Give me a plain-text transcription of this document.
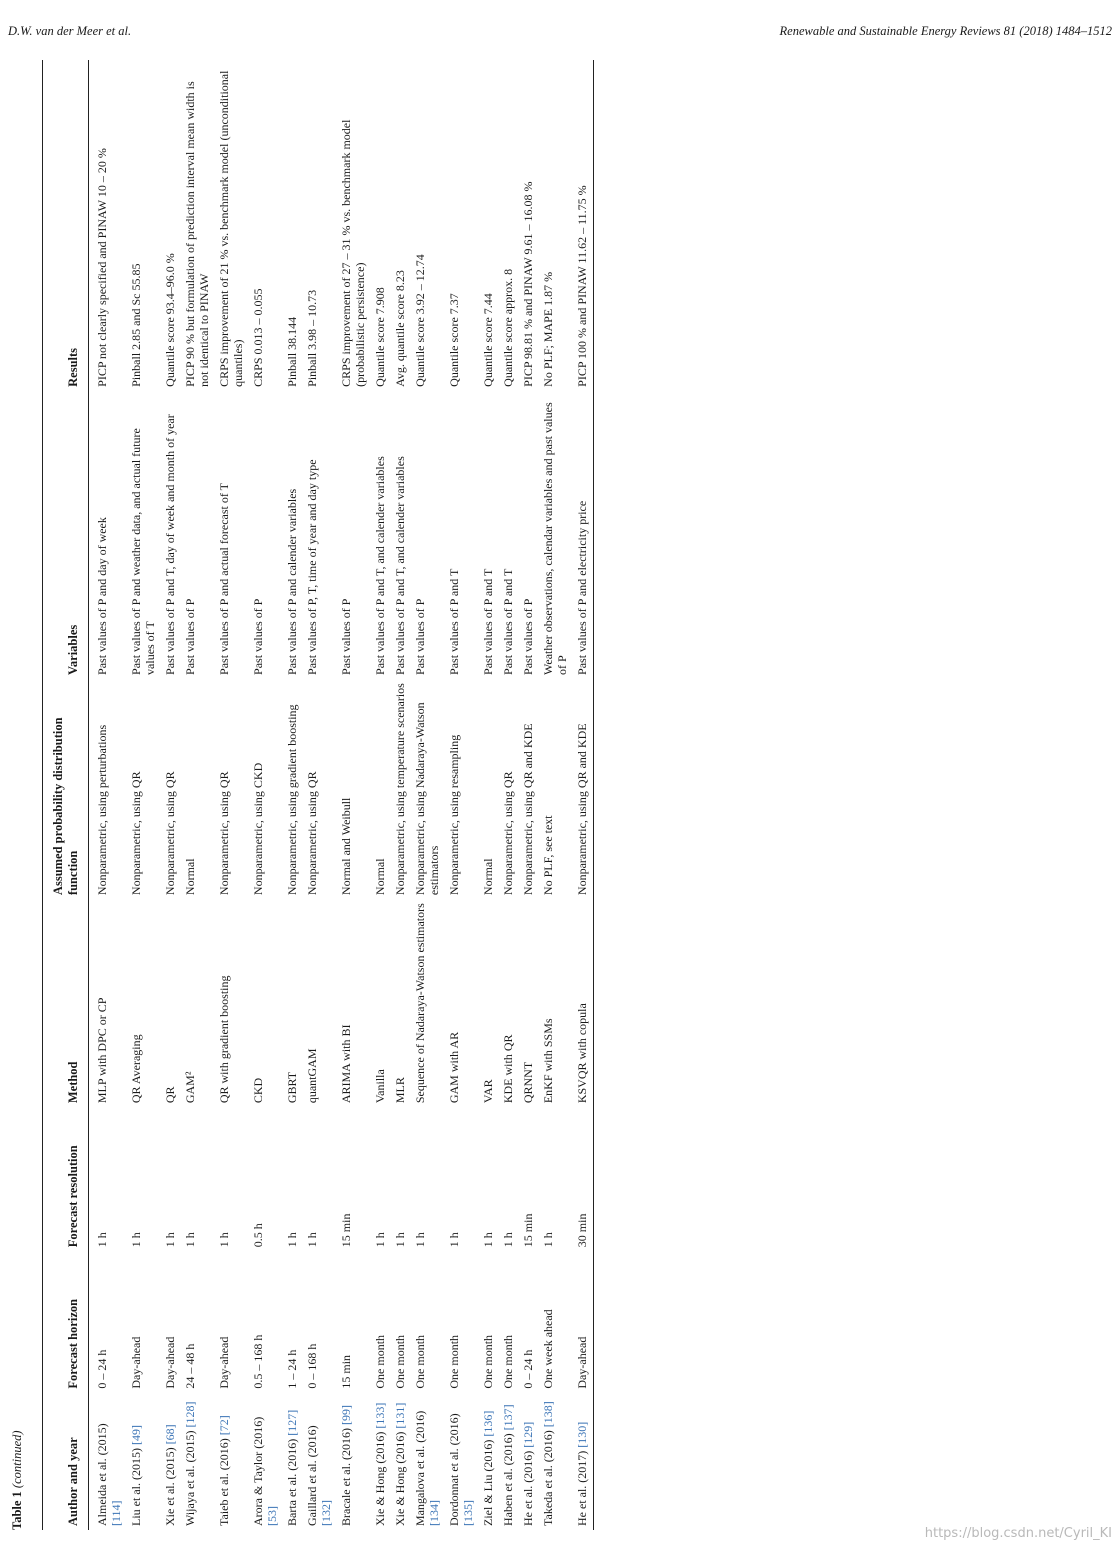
D.W. van der Meer et al.	Renewable and Sustainable Energy Reviews 81 (2018) 1484–1512
Table 1 (continued)	Author and year	Forecast horizon	Forecast resolution	Method	Assumed probability distribution function	Variables	Results
Almeida et al. (2015) [114]	0 – 24 h	1 h	MLP with DPC or CP	Nonparametric, using perturbations	Past values of P and day of week	PICP not clearly specified and PINAW 10 – 20 %
Liu et al. (2015) [49]	Day-ahead	1 h	QR Averaging	Nonparametric, using QR	Past values of P and weather data, and actual future values of T	Pinball 2.85 and Sc 55.85
Xie et al. (2015) [68]	Day-ahead	1 h	QR	Nonparametric, using QR	Past values of P and T, day of week and month of year	Quantile score 93.4–96.0 %
Wijaya et al. (2015) [128]	24 – 48 h	1 h	GAM²	Normal	Past values of P	PICP 90 % but formulation of prediction interval mean width is not identical to PINAW
Taieb et al. (2016) [72]	Day-ahead	1 h	QR with gradient boosting	Nonparametric, using QR	Past values of P and actual forecast of T	CRPS improvement of 21 % vs. benchmark model (unconditional quantiles)
Arora & Taylor (2016) [53]	0.5 – 168 h	0.5 h	CKD	Nonparametric, using CKD	Past values of P	CRPS 0.013 – 0.055
Barta et al. (2016) [127]	1 – 24 h	1 h	GBRT	Nonparametric, using gradient boosting	Past values of P and calender variables	Pinball 38.144
Gaillard et al. (2016) [132]	0 – 168 h	1 h	quantGAM	Nonparametric, using QR	Past values of P, T, time of year and day type	Pinball 3.98 – 10.73
Bracale et al. (2016) [99]	15 min	15 min	ARIMA with BI	Normal and Weibull	Past values of P	CRPS improvement of 27 – 31 % vs. benchmark model (probabilistic persistence)
Xie & Hong (2016) [133]	One month	1 h	Vanilla	Normal	Past values of P and T, and calender variables	Quantile score 7.908
Xie & Hong (2016) [131]	One month	1 h	MLR	Nonparametric, using temperature scenarios	Past values of P and T, and calender variables	Avg. quantile score 8.23
Mangalova et al. (2016) [134]	One month	1 h	Sequence of Nadaraya-Watson estimators	Nonparametric, using Nadaraya-Watson estimators	Past values of P	Quantile score 3.92 – 12.74
Dordonnat et al. (2016) [135]	One month	1 h	GAM with AR	Nonparametric, using resampling	Past values of P and T	Quantile score 7.37
Ziel & Liu (2016) [136]	One month	1 h	VAR	Normal	Past values of P and T	Quantile score 7.44
Haben et al. (2016) [137]	One month	1 h	KDE with QR	Nonparametric, using QR	Past values of P and T	Quantile score approx. 8
He et al. (2016) [129]	0 – 24 h	15 min	QRNNT	Nonparametric, using QR and KDE	Past values of P	PICP 98.81 % and PINAW 9.61 – 16.08 %
Takeda et al. (2016) [138]	One week ahead	1 h	EnKF with SSMs	No PLF, see text	Weather observations, calendar variables and past values of P	No PLF; MAPE 1.87 %
He et al. (2017) [130]	Day-ahead	30 min	KSVQR with copula	Nonparametric, using QR and KDE	Past values of P and electricity price	PICP 100 % and PINAW 11.62 – 11.75 %
https://blog.csdn.net/Cyril_KI
